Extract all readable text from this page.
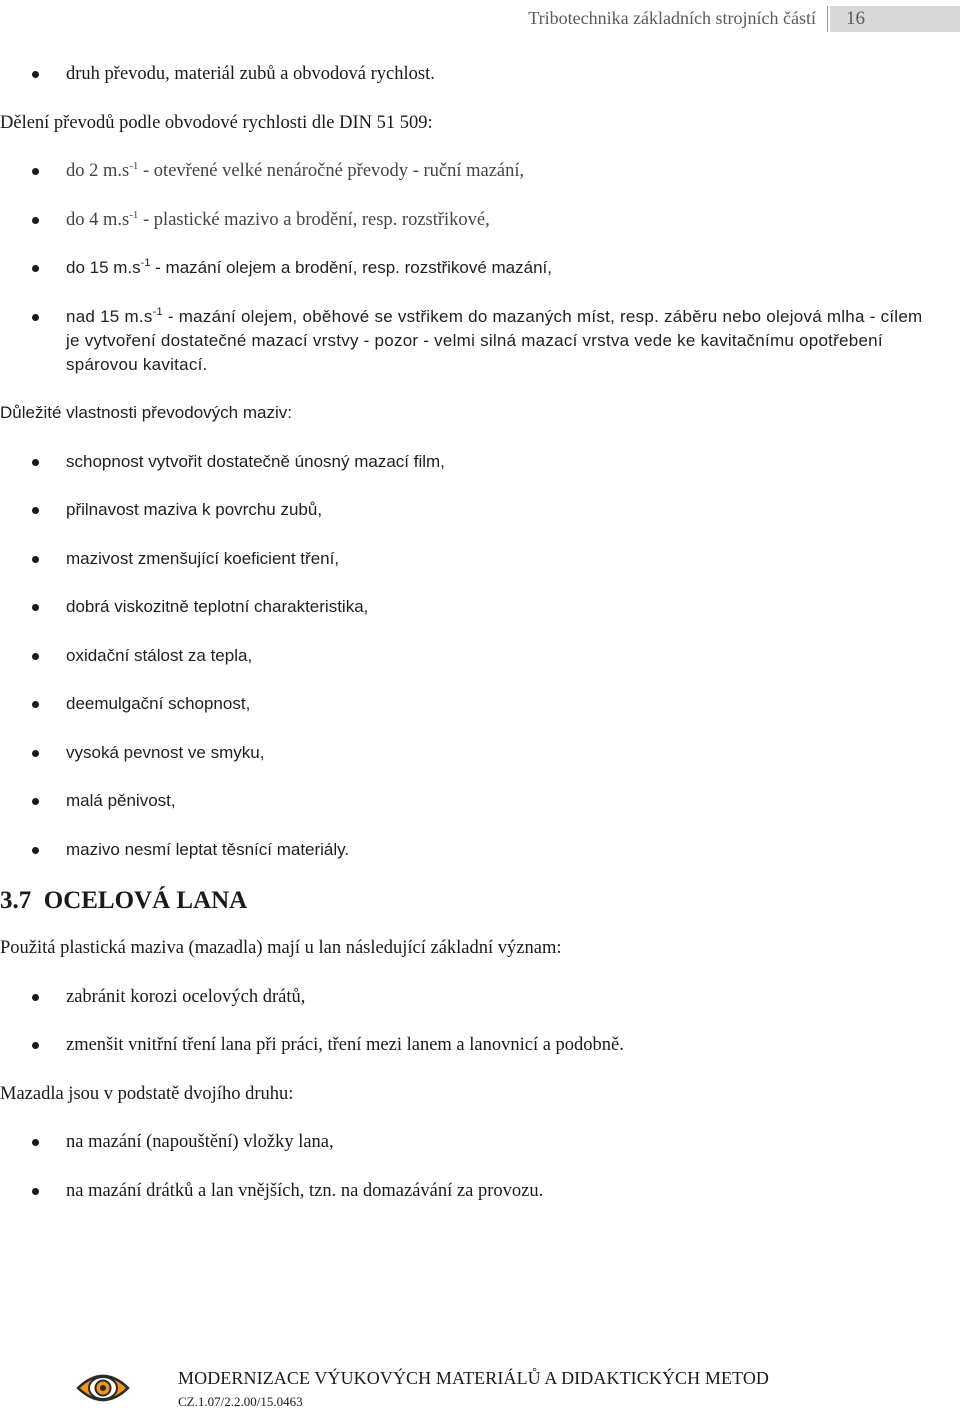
Tribotechnika základních strojních částí	16
druh převodu, materiál zubů a obvodová rychlost.

Dělení převodů podle obvodové rychlosti dle DIN 51 509:

do 2 $m.s^{-1}$ - otevřené velké nenáročné převody - ruční mazání,
do 4 $m.s^{-1}$ - plastické mazivo a brodění, resp. rozstřikové,
do 15 $m.s^{-1}$ - mazání olejem a brodění, resp. rozstřikové mazání,
nad 15 $m.s^{-1}$ - mazání olejem, oběhové se vstřikem do mazaných míst, resp. záběru nebo olejová mlha - cílem je vytvoření dostatečné mazací vrstvy - pozor - velmi silná mazací vrstva vede ke kavitačnímu opotřebení spárovou kavitací.

Důležité vlastnosti převodových maziv:

schopnost vytvořit dostatečně únosný mazací film,
přilnavost maziva k povrchu zubů,
mazivost zmenšující koeficient tření,
dobrá viskozitně teplotní charakteristika,
oxidační stálost za tepla,
deemulgační schopnost,
vysoká pevnost ve smyku,
malá pěnivost,
mazivo nesmí leptat těsnící materiály.
3.7  OCELOVÁ LANA

Použitá plastická maziva (mazadla) mají u lan následující základní význam:

zabránit korozi ocelových drátů,
zmenšit vnitřní tření lana při práci, tření mezi lanem a lanovnicí a podobně.

Mazadla jsou v podstatě dvojího druhu:

na mazání (napouštění) vložky lana,
na mazání drátků a lan vnějších, tzn. na domazávání za provozu.
MODERNIZACE VÝUKOVÝCH MATERIÁLŮ A DIDAKTICKÝCH METOD
CZ.1.07/2.2.00/15.0463
